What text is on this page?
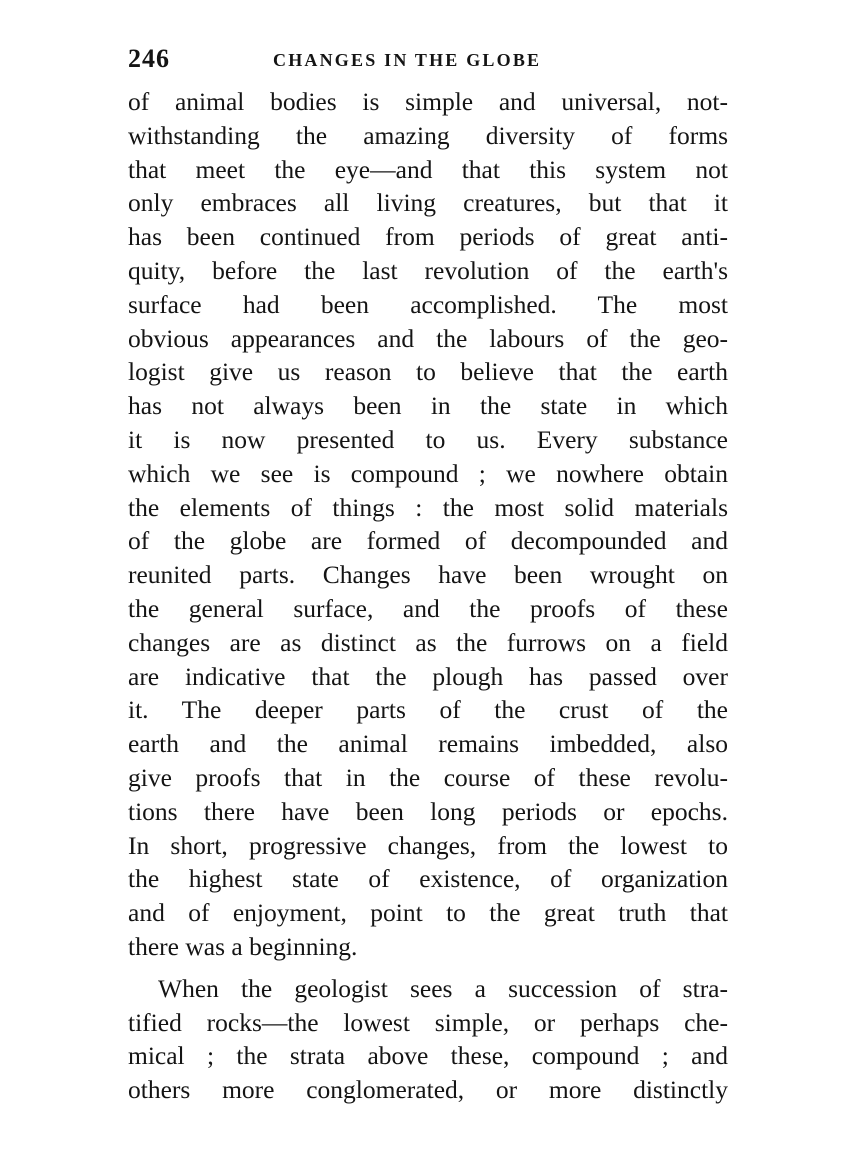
246	CHANGES IN THE GLOBE
of animal bodies is simple and universal, not-
withstanding the amazing diversity of forms
that meet the eye—and that this system not
only embraces all living creatures, but that it
has been continued from periods of great anti-
quity, before the last revolution of the earth's
surface had been accomplished. The most
obvious appearances and the labours of the geo-
logist give us reason to believe that the earth
has not always been in the state in which
it is now presented to us. Every substance
which we see is compound ; we nowhere obtain
the elements of things : the most solid materials
of the globe are formed of decompounded and
reunited parts. Changes have been wrought on
the general surface, and the proofs of these
changes are as distinct as the furrows on a field
are indicative that the plough has passed over
it. The deeper parts of the crust of the
earth and the animal remains imbedded, also
give proofs that in the course of these revolu-
tions there have been long periods or epochs.
In short, progressive changes, from the lowest to
the highest state of existence, of organization
and of enjoyment, point to the great truth that
there was a beginning.
When the geologist sees a succession of stra-
tified rocks—the lowest simple, or perhaps che-
mical ; the strata above these, compound ; and
others more conglomerated, or more distinctly
